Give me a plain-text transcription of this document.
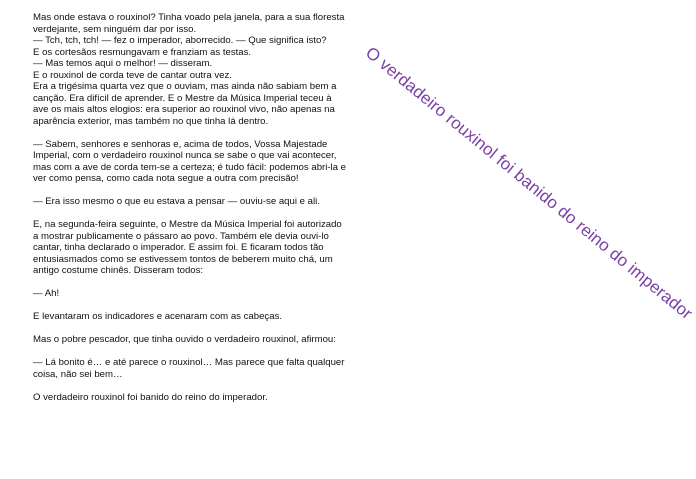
Mas onde estava o rouxinol? Tinha voado pela janela, para a sua floresta

verdejante, sem ninguém dar por isso.

— Tch, tch, tch! — fez o imperador, aborrecido. — Que significa isto?

E os cortesãos resmungavam e franziam as testas.

— Mas temos aqui o melhor! — disseram.

E o rouxinol de corda teve de cantar outra vez.

Era a trigésima quarta vez que o ouviam, mas ainda não sabiam bem a

canção. Era difícil de aprender. E o Mestre da Música Imperial teceu à

ave os mais altos elogios: era superior ao rouxinol vivo, não apenas na

aparência exterior, mas também no que tinha lá dentro.

— Sabem, senhores e senhoras e, acima de todos, Vossa Majestade

Imperial, com o verdadeiro rouxinol nunca se sabe o que vai acontecer,

mas com a ave de corda tem-se a certeza; é tudo fácil: podemos abri-la e

ver como pensa, como cada nota segue a outra com precisão!

— Era isso mesmo o que eu estava a pensar — ouviu-se aqui e ali.

E, na segunda-feira seguinte, o Mestre da Música Imperial foi autorizado

a mostrar publicamente o pássaro ao povo. Também ele devia ouvi-lo

cantar, tinha declarado o imperador. E assim foi. E ficaram todos tão

entusiasmados como se estivessem tontos de beberem muito chá, um

antigo costume chinês. Disseram todos:

— Ah!

E levantaram os indicadores e acenaram com as cabeças.

Mas o pobre pescador, que tinha ouvido o verdadeiro rouxinol, afirmou:

— Lá bonito é… e até parece o rouxinol… Mas parece que falta qualquer

coisa, não sei bem…

O verdadeiro rouxinol foi banido do reino do imperador.

O verdadeiro rouxinol foi banido do reino do imperador
